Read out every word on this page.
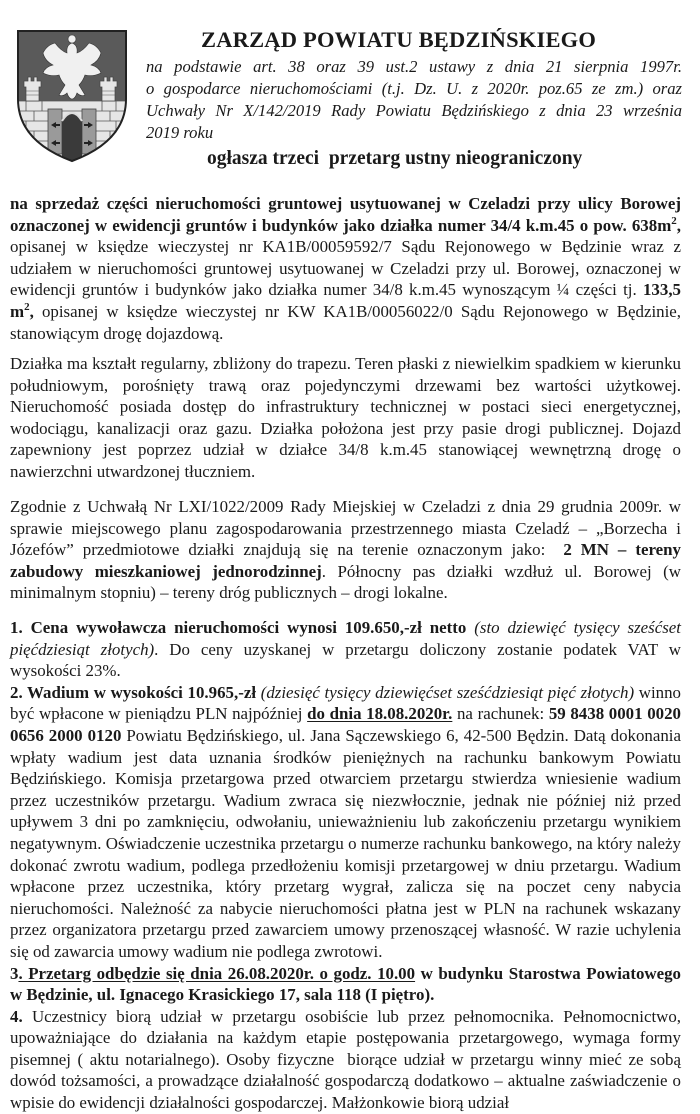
ZARZĄD POWIATU BĘDZIŃSKIEGO
na podstawie art. 38 oraz 39 ust.2 ustawy z dnia 21 sierpnia 1997r.
o gospodarce nieruchomościami (t.j. Dz. U. z 2020r. poz.65 ze zm.) oraz
Uchwały Nr X/142/2019 Rady Powiatu Będzińskiego z dnia 23 września
2019 roku
ogłasza trzeci  przetarg ustny nieograniczony

na sprzedaż części nieruchomości gruntowej usytuowanej w Czeladzi przy ulicy Borowej oznaczonej w ewidencji gruntów i budynków jako działka numer 34/4 k.m.45 o pow. $638m^2$, opisanej w księdze wieczystej nr KA1B/00059592/7 Sądu Rejonowego w Będzinie wraz z udziałem w nieruchomości gruntowej usytuowanej w Czeladzi przy ul. Borowej, oznaczonej w ewidencji gruntów i budynków jako działka numer 34/8 k.m.45 wynoszącym ¼ części tj. 133,5 $m^2$, opisanej w księdze wieczystej nr KW KA1B/00056022/0 Sądu Rejonowego w Będzinie, stanowiącym drogę dojazdową.

Działka ma kształt regularny, zbliżony do trapezu. Teren płaski z niewielkim spadkiem w kierunku południowym, porośnięty trawą oraz pojedynczymi drzewami bez wartości użytkowej. Nieruchomość posiada dostęp do infrastruktury technicznej w postaci sieci energetycznej, wodociągu, kanalizacji oraz gazu. Działka położona jest przy pasie drogi publicznej. Dojazd zapewniony jest poprzez udział w działce 34/8 k.m.45 stanowiącej wewnętrzną drogę o nawierzchni utwardzonej tłuczniem.

Zgodnie z Uchwałą Nr LXI/1022/2009 Rady Miejskiej w Czeladzi z dnia 29 grudnia 2009r. w sprawie miejscowego planu zagospodarowania przestrzennego miasta Czeladź – „Borzecha i Józefów” przedmiotowe działki znajdują się na terenie oznaczonym jako:  2 MN – tereny zabudowy mieszkaniowej jednorodzinnej. Północny pas działki wzdłuż ul. Borowej (w minimalnym stopniu) – tereny dróg publicznych – drogi lokalne.

1. Cena wywoławcza nieruchomości wynosi 109.650,-zł netto (sto dziewięć tysięcy sześćset pięćdziesiąt złotych). Do ceny uzyskanej w przetargu doliczony zostanie podatek VAT w wysokości 23%.

2. Wadium w wysokości 10.965,-zł (dziesięć tysięcy dziewięćset sześćdziesiąt pięć złotych) winno być wpłacone w pieniądzu PLN najpóźniej do dnia 18.08.2020r. na rachunek: 59 8438 0001 0020 0656 2000 0120 Powiatu Będzińskiego, ul. Jana Sączewskiego 6, 42-500 Będzin. Datą dokonania wpłaty wadium jest data uznania środków pieniężnych na rachunku bankowym Powiatu Będzińskiego. Komisja przetargowa przed otwarciem przetargu stwierdza wniesienie wadium przez uczestników przetargu. Wadium zwraca się niezwłocznie, jednak nie później niż przed upływem 3 dni po zamknięciu, odwołaniu, unieważnieniu lub zakończeniu przetargu wynikiem negatywnym. Oświadczenie uczestnika przetargu o numerze rachunku bankowego, na który należy dokonać zwrotu wadium, podlega przedłożeniu komisji przetargowej w dniu przetargu. Wadium wpłacone przez uczestnika, który przetarg wygrał, zalicza się na poczet ceny nabycia nieruchomości. Należność za nabycie nieruchomości płatna jest w PLN na rachunek wskazany przez organizatora przetargu przed zawarciem umowy przenoszącej własność. W razie uchylenia się od zawarcia umowy wadium nie podlega zwrotowi.

3. Przetarg odbędzie się dnia 26.08.2020r. o godz. 10.00 w budynku Starostwa Powiatowego w Będzinie, ul. Ignacego Krasickiego 17, sala 118 (I piętro).

4. Uczestnicy biorą udział w przetargu osobiście lub przez pełnomocnika. Pełnomocnictwo, upoważniające do działania na każdym etapie postępowania przetargowego, wymaga formy pisemnej ( aktu notarialnego). Osoby fizyczne  biorące udział w przetargu winny mieć ze sobą dowód tożsamości, a prowadzące działalność gospodarczą dodatkowo – aktualne zaświadczenie o wpisie do ewidencji działalności gospodarczej. Małżonkowie biorą udział
